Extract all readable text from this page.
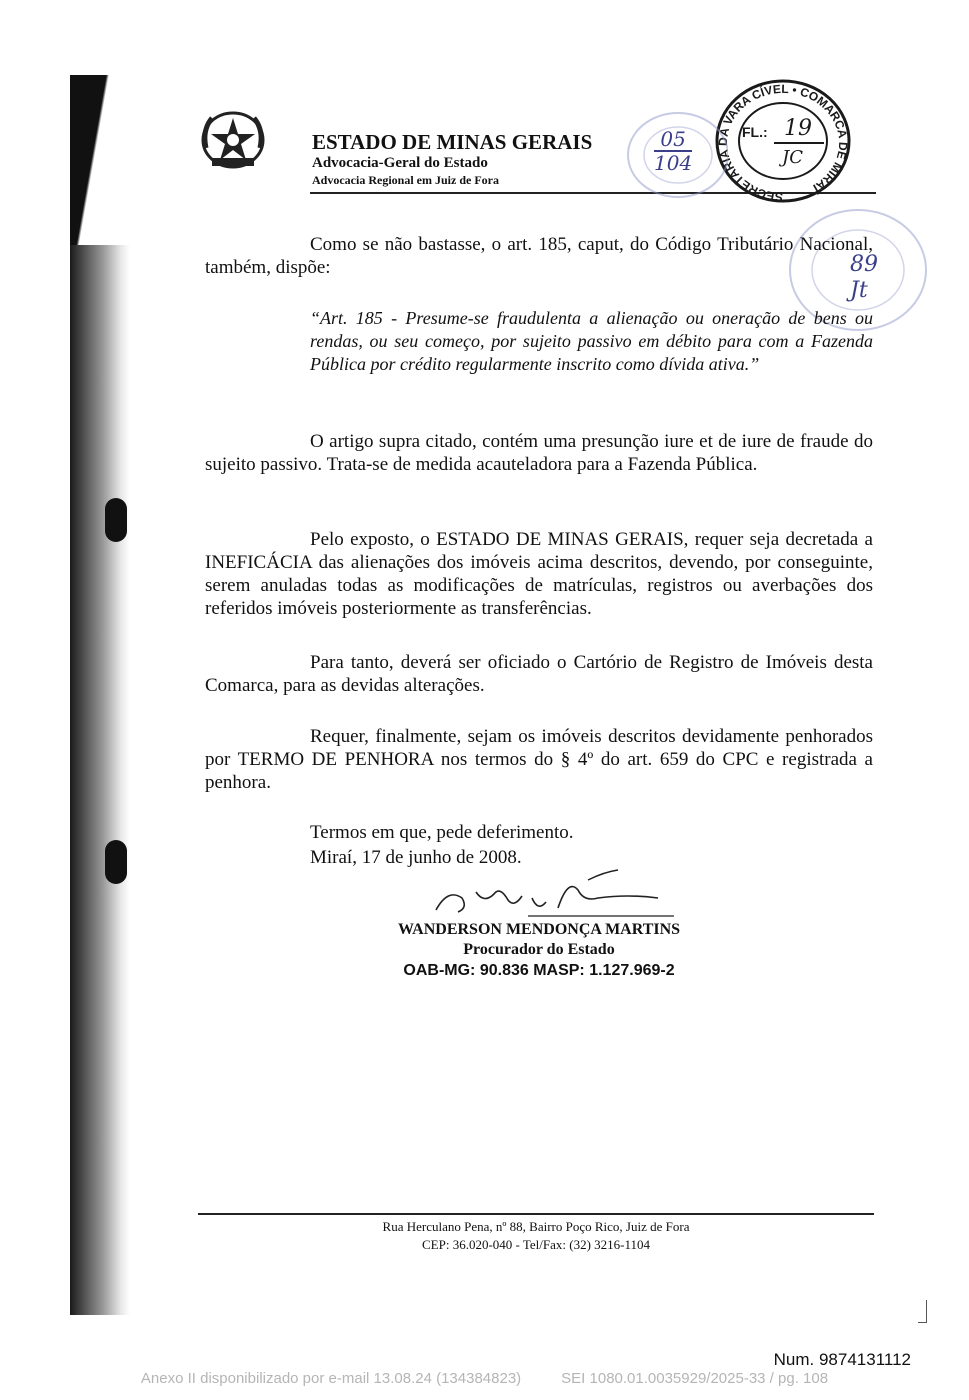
ESTADO DE MINAS GERAIS
Advocacia-Geral do Estado
Advocacia Regional em Juiz de Fora
SECRETARIA DA VARA CÍVEL • COMARCA DE MIRAÍ
FL.: 19
JC
05
104
89
Jt
Como se não bastasse, o art. 185, caput, do Código Tributário Nacional, também, dispõe:
“Art. 185 - Presume-se fraudulenta a alienação ou oneração de bens ou rendas, ou seu começo, por sujeito passivo em débito para com a Fazenda Pública por crédito regularmente inscrito como dívida ativa.”
O artigo supra citado, contém uma presunção iure et de iure de fraude do sujeito passivo. Trata-se de medida acauteladora para a Fazenda Pública.
Pelo exposto, o ESTADO DE MINAS GERAIS, requer seja decretada a INEFICÁCIA das alienações dos imóveis acima descritos, devendo, por conseguinte, serem anuladas todas as modificações de matrículas, registros ou averbações dos referidos imóveis posteriormente as transferências.
Para tanto, deverá ser oficiado o Cartório de Registro de Imóveis desta Comarca, para as devidas alterações.
Requer, finalmente, sejam os imóveis descritos devidamente penhorados por TERMO DE PENHORA nos termos do § 4º do art. 659 do CPC e registrada a penhora.
Termos em que, pede deferimento.
Miraí, 17 de junho de 2008.
WANDERSON MENDONÇA MARTINS
Procurador do Estado
OAB-MG: 90.836 MASP: 1.127.969-2
Rua Herculano Pena, nº 88, Bairro Poço Rico, Juiz de Fora
CEP: 36.020-040 - Tel/Fax: (32) 3216-1104
Num. 9874131112
Anexo II disponibilizado por e-mail 13.08.24 (134384823)	SEI 1080.01.0035929/2025-33 / pg. 108
